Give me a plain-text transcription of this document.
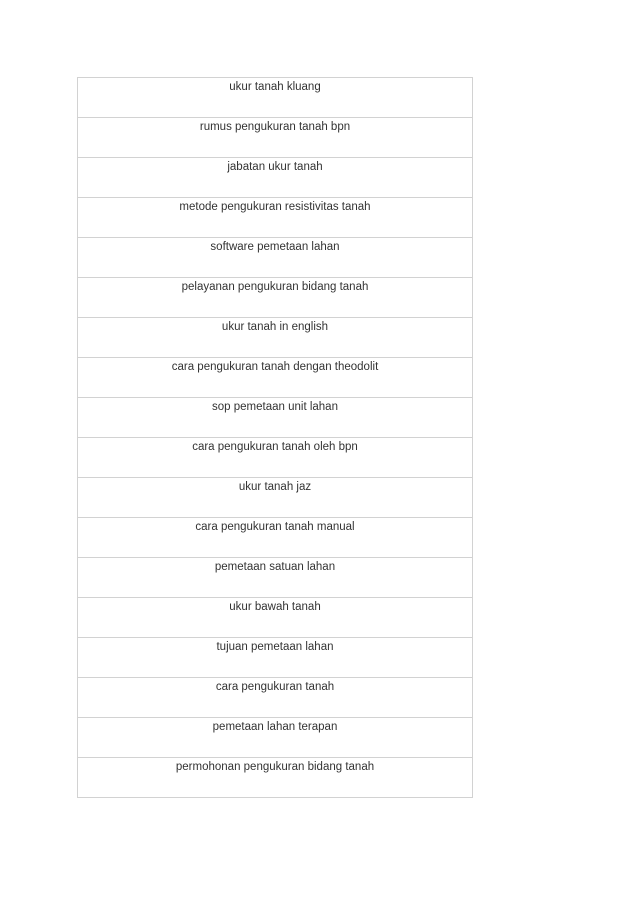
ukur tanah kluang
rumus pengukuran tanah bpn
jabatan ukur tanah
metode pengukuran resistivitas tanah
software pemetaan lahan
pelayanan pengukuran bidang tanah
ukur tanah in english
cara pengukuran tanah dengan theodolit
sop pemetaan unit lahan
cara pengukuran tanah oleh bpn
ukur tanah jaz
cara pengukuran tanah manual
pemetaan satuan lahan
ukur bawah tanah
tujuan pemetaan lahan
cara pengukuran tanah
pemetaan lahan terapan
permohonan pengukuran bidang tanah
